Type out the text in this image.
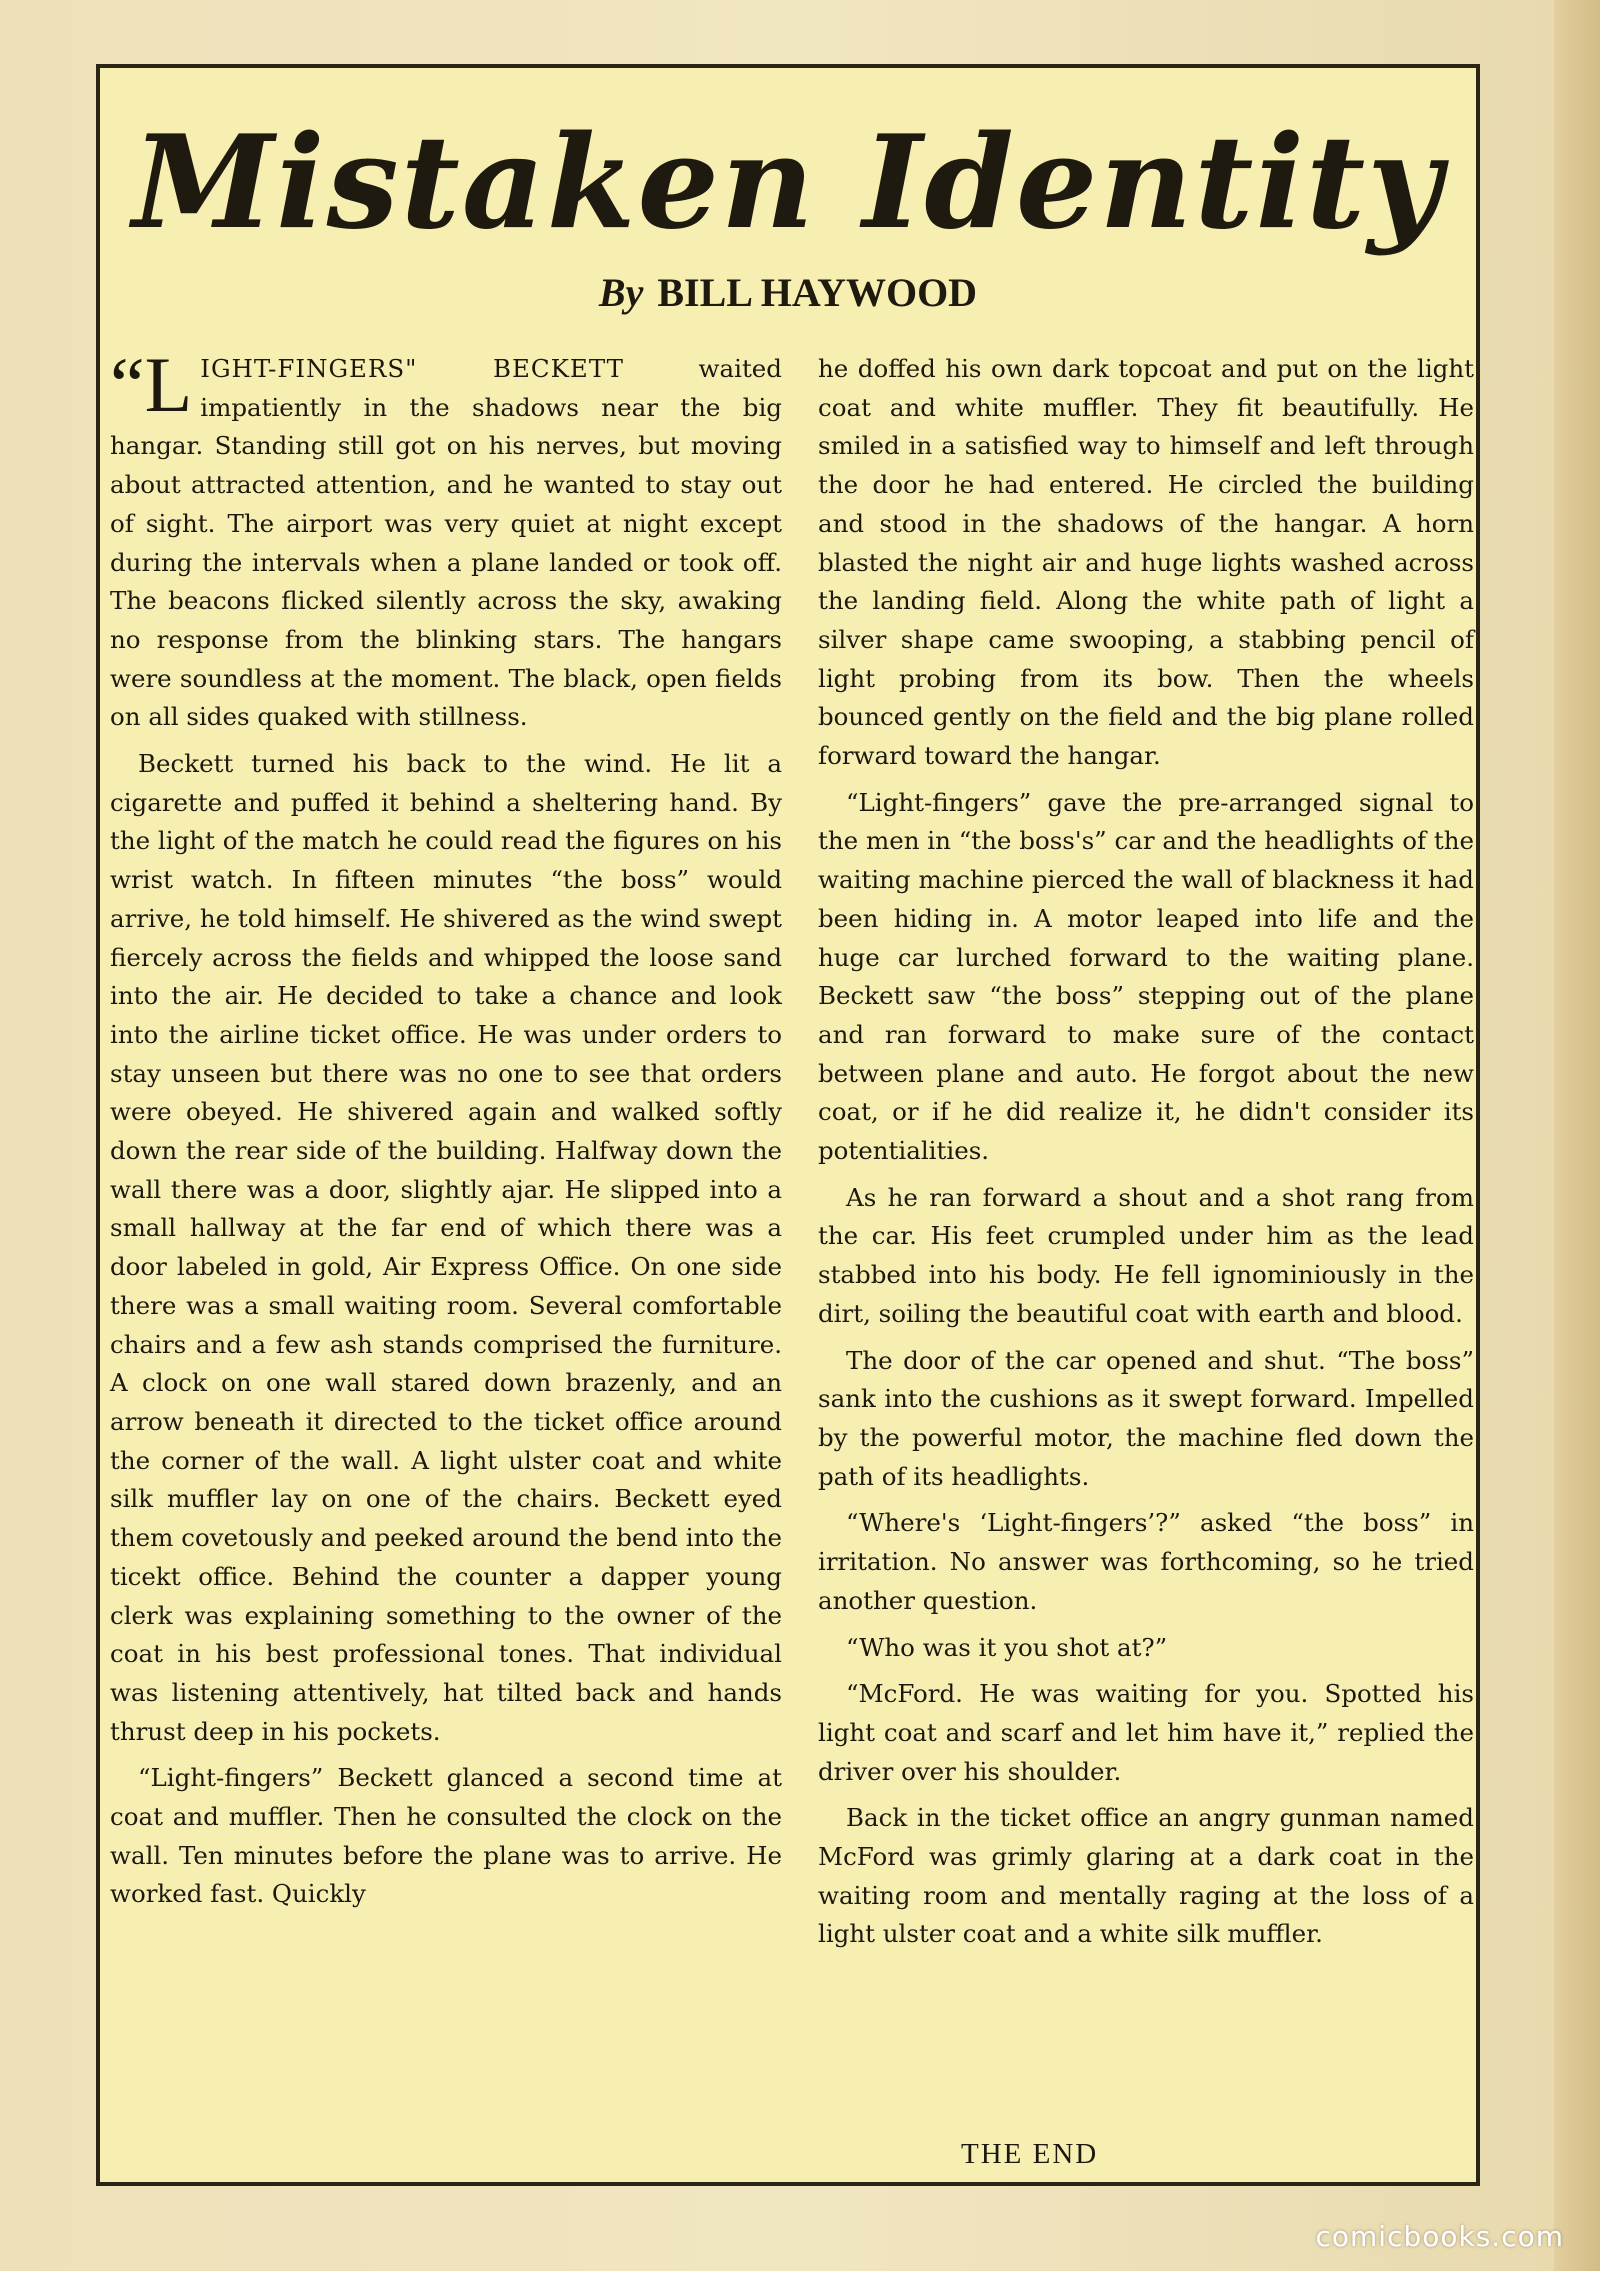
Mistaken Identity
By BILL HAYWOOD

“LIGHT-FINGERS" BECKETT waited impatiently in the shadows near the big hangar. Standing still got on his nerves, but moving about attracted attention, and he wanted to stay out of sight. The airport was very quiet at night except during the intervals when a plane landed or took off. The beacons flicked silently across the sky, awaking no response from the blinking stars. The hangars were soundless at the moment. The black, open fields on all sides quaked with stillness.

Beckett turned his back to the wind. He lit a cigarette and puffed it behind a sheltering hand. By the light of the match he could read the figures on his wrist watch. In fifteen minutes “the boss” would arrive, he told himself. He shivered as the wind swept fiercely across the fields and whipped the loose sand into the air. He decided to take a chance and look into the airline ticket office. He was under orders to stay unseen but there was no one to see that orders were obeyed. He shivered again and walked softly down the rear side of the building. Halfway down the wall there was a door, slightly ajar. He slipped into a small hallway at the far end of which there was a door labeled in gold, Air Express Office. On one side there was a small waiting room. Several comfortable chairs and a few ash stands comprised the furniture. A clock on one wall stared down brazenly, and an arrow beneath it directed to the ticket office around the corner of the wall. A light ulster coat and white silk muffler lay on one of the chairs. Beckett eyed them covetously and peeked around the bend into the ticekt office. Behind the counter a dapper young clerk was explaining something to the owner of the coat in his best professional tones. That individual was listening attentively, hat tilted back and hands thrust deep in his pockets.

“Light-fingers” Beckett glanced a second time at coat and muffler. Then he consulted the clock on the wall. Ten minutes before the plane was to arrive. He worked fast. Quickly

he doffed his own dark topcoat and put on the light coat and white muffler. They fit beautifully. He smiled in a satisfied way to himself and left through the door he had entered. He circled the building and stood in the shadows of the hangar. A horn blasted the night air and huge lights washed across the landing field. Along the white path of light a silver shape came swooping, a stabbing pencil of light probing from its bow. Then the wheels bounced gently on the field and the big plane rolled forward toward the hangar.

“Light-fingers” gave the pre-arranged signal to the men in “the boss's” car and the headlights of the waiting machine pierced the wall of blackness it had been hiding in. A motor leaped into life and the huge car lurched forward to the waiting plane. Beckett saw “the boss” stepping out of the plane and ran forward to make sure of the contact between plane and auto. He forgot about the new coat, or if he did realize it, he didn't consider its potentialities.

As he ran forward a shout and a shot rang from the car. His feet crumpled under him as the lead stabbed into his body. He fell ignominiously in the dirt, soiling the beautiful coat with earth and blood.

The door of the car opened and shut. “The boss” sank into the cushions as it swept forward. Impelled by the powerful motor, the machine fled down the path of its headlights.

“Where's ‘Light-fingers’?” asked “the boss” in irritation. No answer was forthcoming, so he tried another question.

“Who was it you shot at?”

“McFord. He was waiting for you. Spotted his light coat and scarf and let him have it,” replied the driver over his shoulder.

Back in the ticket office an angry gunman named McFord was grimly glaring at a dark coat in the waiting room and mentally raging at the loss of a light ulster coat and a white silk muffler.

THE END
comicbooks.com
